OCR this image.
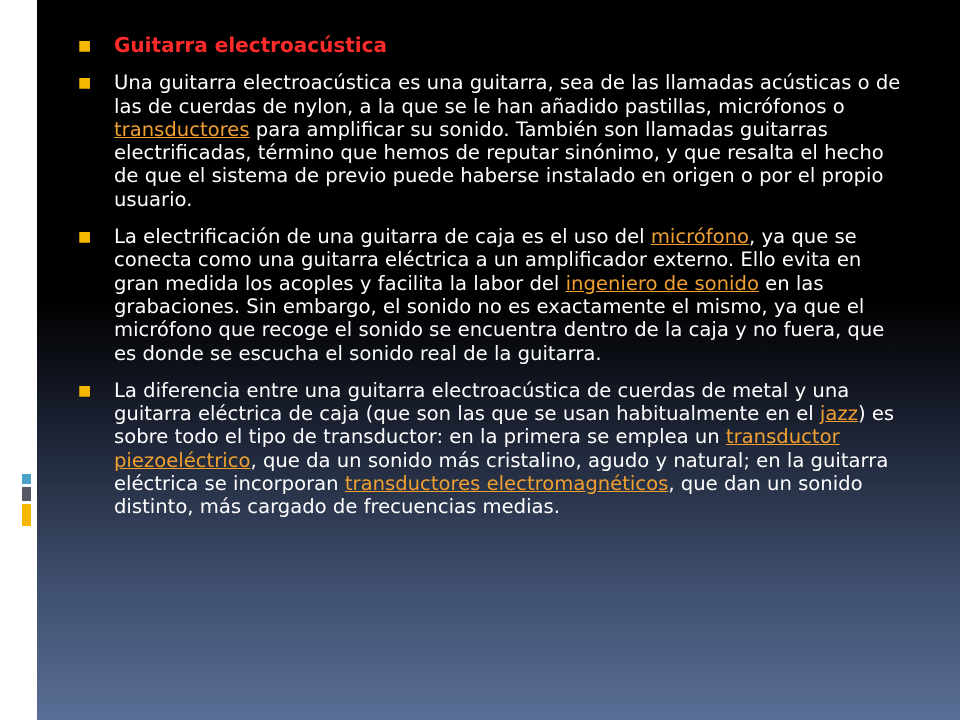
■ Guitarra electroacústica
■ Una guitarra electroacústica es una guitarra, sea de las llamadas acústicas o de las de cuerdas de nylon, a la que se le han añadido pastillas, micrófonos o transductores para amplificar su sonido. También son llamadas guitarras electrificadas, término que hemos de reputar sinónimo, y que resalta el hecho de que el sistema de previo puede haberse instalado en origen o por el propio usuario.
■ La electrificación de una guitarra de caja es el uso del micrófono, ya que se conecta como una guitarra eléctrica a un amplificador externo. Ello evita en gran medida los acoples y facilita la labor del ingeniero de sonido en las grabaciones. Sin embargo, el sonido no es exactamente el mismo, ya que el micrófono que recoge el sonido se encuentra dentro de la caja y no fuera, que es donde se escucha el sonido real de la guitarra.
■ La diferencia entre una guitarra electroacústica de cuerdas de metal y una guitarra eléctrica de caja (que son las que se usan habitualmente en el jazz) es sobre todo el tipo de transductor: en la primera se emplea un transductor piezoeléctrico, que da un sonido más cristalino, agudo y natural; en la guitarra eléctrica se incorporan transductores electromagnéticos, que dan un sonido distinto, más cargado de frecuencias medias.
